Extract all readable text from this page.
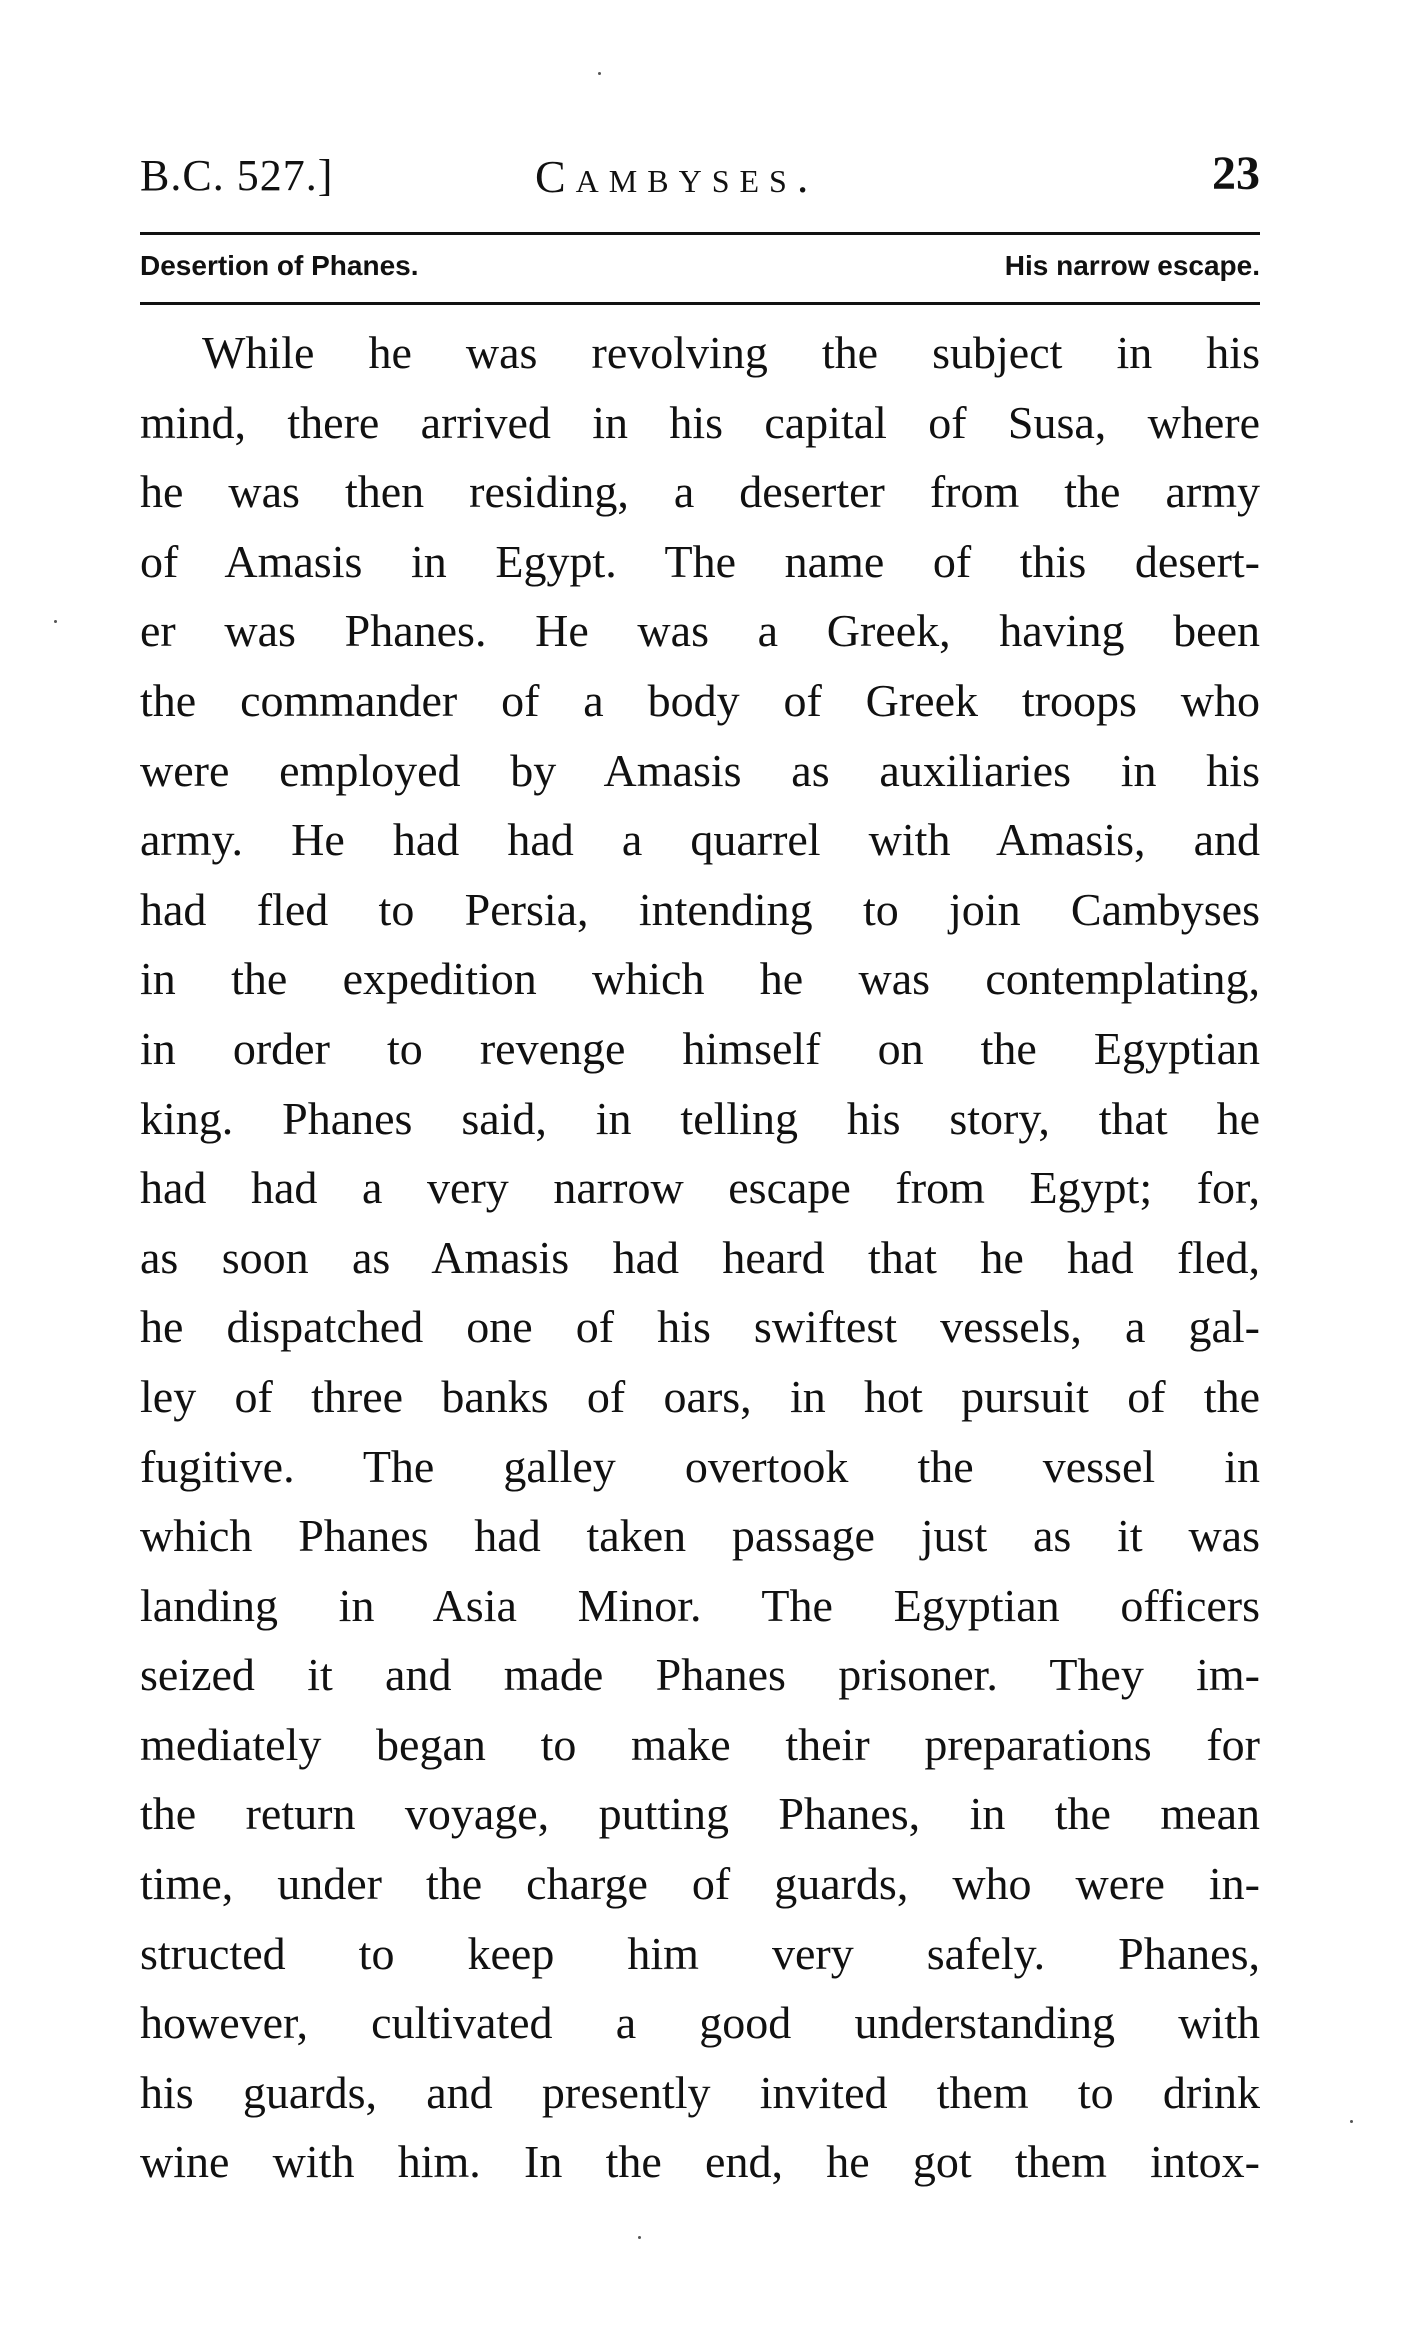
B.C. 527.]	Cambyses.	23
Desertion of Phanes.	His narrow escape.
While he was revolving the subject in his
mind, there arrived in his capital of Susa, where
he was then residing, a deserter from the army
of Amasis in Egypt. The name of this desert-
er was Phanes. He was a Greek, having been
the commander of a body of Greek troops who
were employed by Amasis as auxiliaries in his
army. He had had a quarrel with Amasis, and
had fled to Persia, intending to join Cambyses
in the expedition which he was contemplating,
in order to revenge himself on the Egyptian
king. Phanes said, in telling his story, that he
had had a very narrow escape from Egypt; for,
as soon as Amasis had heard that he had fled,
he dispatched one of his swiftest vessels, a gal-
ley of three banks of oars, in hot pursuit of the
fugitive. The galley overtook the vessel in
which Phanes had taken passage just as it was
landing in Asia Minor. The Egyptian officers
seized it and made Phanes prisoner. They im-
mediately began to make their preparations for
the return voyage, putting Phanes, in the mean
time, under the charge of guards, who were in-
structed to keep him very safely. Phanes,
however, cultivated a good understanding with
his guards, and presently invited them to drink
wine with him. In the end, he got them intox-
